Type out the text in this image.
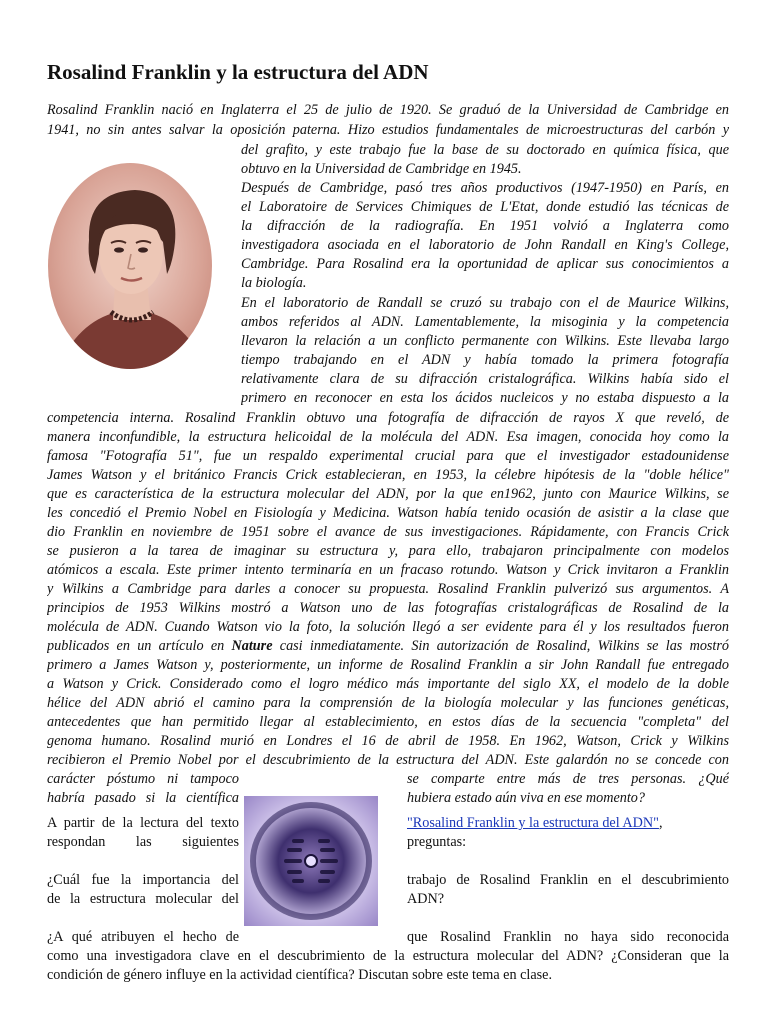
Rosalind Franklin y la estructura del ADN
Rosalind Franklin nació en Inglaterra el 25 de julio de 1920. Se graduó de la Universidad de Cambridge en
1941, no sin antes salvar la oposición paterna. Hizo estudios fundamentales de microestructuras del carbón y
del grafito, y este trabajo fue la base de su doctorado en química física, que
obtuvo en la Universidad de Cambridge en 1945.
Después de Cambridge, pasó tres años productivos (1947-1950) en París, en
el Laboratoire de Services Chimiques de L'Etat, donde estudió las técnicas de
la difracción de la radiografía. En 1951 volvió a Inglaterra como
investigadora asociada en el laboratorio de John Randall en King's College,
Cambridge. Para Rosalind era la oportunidad de aplicar sus conocimientos a
la biología.
En el laboratorio de Randall se cruzó su trabajo con el de Maurice Wilkins,
ambos referidos al ADN. Lamentablemente, la misoginia y la competencia
llevaron la relación a un conflicto permanente con Wilkins. Este llevaba largo
tiempo trabajando en el ADN y había tomado la primera fotografía
relativamente clara de su difracción cristalográfica. Wilkins había sido el
primero en reconocer en esta los ácidos nucleicos y no estaba dispuesto a la
competencia interna. Rosalind Franklin obtuvo una fotografía de difracción de rayos X que reveló, de
manera inconfundible, la estructura helicoidal de la molécula del ADN. Esa imagen, conocida hoy como la
famosa "Fotografía 51", fue un respaldo experimental crucial para que el investigador estadounidense
James Watson y el británico Francis Crick establecieran, en 1953, la célebre hipótesis de la "doble hélice"
que es característica de la estructura molecular del ADN, por la que en1962, junto con Maurice Wilkins, se
les concedió el Premio Nobel en Fisiología y Medicina. Watson había tenido ocasión de asistir a la clase que
dio Franklin en noviembre de 1951 sobre el avance de sus investigaciones. Rápidamente, con Francis Crick
se pusieron a la tarea de imaginar su estructura y, para ello, trabajaron principalmente con modelos
atómicos a escala. Este primer intento terminaría en un fracaso rotundo. Watson y Crick invitaron a Franklin
y Wilkins a Cambridge para darles a conocer su propuesta. Rosalind Franklin pulverizó sus argumentos. A
principios de 1953 Wilkins mostró a Watson uno de las fotografías cristalográficas de Rosalind de la
molécula de ADN. Cuando Watson vio la foto, la solución llegó a ser evidente para él y los resultados fueron
publicados en un artículo en Nature casi inmediatamente. Sin autorización de Rosalind, Wilkins se las mostró
primero a James Watson y, posteriormente, un informe de Rosalind Franklin a sir John Randall fue entregado
a Watson y Crick. Considerado como el logro médico más importante del siglo XX, el modelo de la doble
hélice del ADN abrió el camino para la comprensión de la biología molecular y las funciones genéticas,
antecedentes que han permitido llegar al establecimiento, en estos días de la secuencia "completa" del
genoma humano. Rosalind murió en Londres el 16 de abril de 1958. En 1962, Watson, Crick y Wilkins
recibieron el Premio Nobel por el descubrimiento de la estructura del ADN. Este galardón no se concede con
carácter póstumo ni tampoco	se comparte entre más de tres personas. ¿Qué
habría pasado si la científica	hubiera estado aún viva en ese momento?
A partir de la lectura del texto	"Rosalind Franklin y la estructura del ADN",
respondan las siguientes	preguntas:
¿Cuál fue la importancia del	trabajo de Rosalind Franklin en el descubrimiento
de la estructura molecular del	ADN?
¿A qué atribuyen el hecho de	que Rosalind Franklin no haya sido reconocida
como una investigadora clave en el descubrimiento de la estructura molecular del ADN? ¿Consideran que la
condición de género influye en la actividad científica? Discutan sobre este tema en clase.
